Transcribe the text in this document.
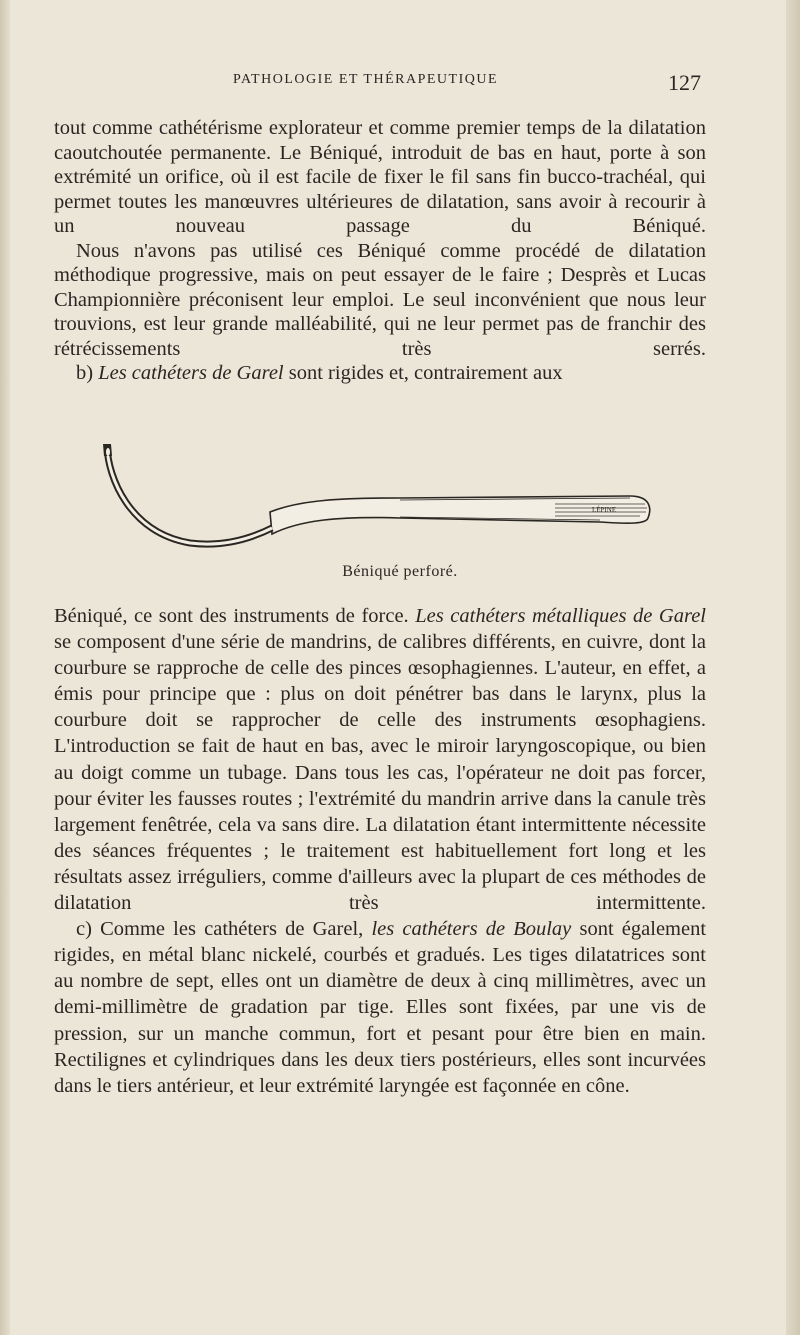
PATHOLOGIE ET THÉRAPEUTIQUE	127

tout comme cathétérisme explorateur et comme premier temps de la dilatation caoutchoutée permanente. Le Béniqué, introduit de bas en haut, porte à son extrémité un orifice, où il est facile de fixer le fil sans fin bucco-trachéal, qui permet toutes les manœuvres ultérieures de dilatation, sans avoir à recourir à un nouveau passage du Béniqué.

Nous n'avons pas utilisé ces Béniqué comme procédé de dilatation méthodique progressive, mais on peut essayer de le faire ; Desprès et Lucas Championnière préconisent leur emploi. Le seul inconvénient que nous leur trouvions, est leur grande malléabilité, qui ne leur permet pas de franchir des rétrécissements très serrés.

b) Les cathéters de Garel sont rigides et, contrairement aux

LÉPINE
Béniqué perforé.

Béniqué, ce sont des instruments de force. Les cathéters métalliques de Garel se composent d'une série de mandrins, de calibres différents, en cuivre, dont la courbure se rapproche de celle des pinces œsophagiennes. L'auteur, en effet, a émis pour principe que : plus on doit pénétrer bas dans le larynx, plus la courbure doit se rapprocher de celle des instruments œsophagiens. L'introduction se fait de haut en bas, avec le miroir laryngoscopique, ou bien au doigt comme un tubage. Dans tous les cas, l'opérateur ne doit pas forcer, pour éviter les fausses routes ; l'extrémité du mandrin arrive dans la canule très largement fenêtrée, cela va sans dire. La dilatation étant intermittente nécessite des séances fréquentes ; le traitement est habituellement fort long et les résultats assez irréguliers, comme d'ailleurs avec la plupart de ces méthodes de dilatation très intermittente.

c) Comme les cathéters de Garel, les cathéters de Boulay sont également rigides, en métal blanc nickelé, courbés et gradués. Les tiges dilatatrices sont au nombre de sept, elles ont un diamètre de deux à cinq millimètres, avec un demi-millimètre de gradation par tige. Elles sont fixées, par une vis de pression, sur un manche commun, fort et pesant pour être bien en main. Rectilignes et cylindriques dans les deux tiers postérieurs, elles sont incurvées dans le tiers antérieur, et leur extrémité laryngée est façonnée en cône.
